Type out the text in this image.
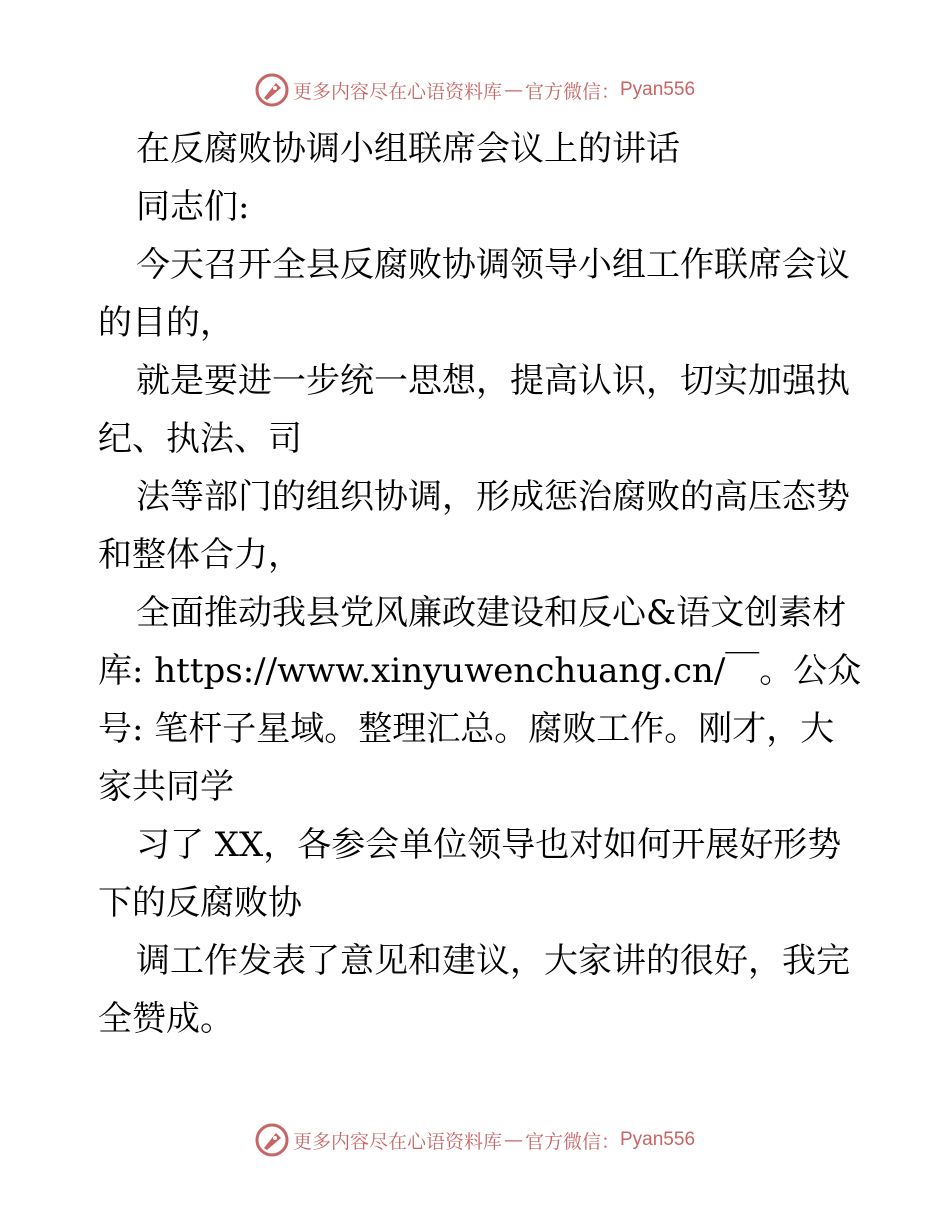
更多内容尽在心语资料库 — 官方微信： Pyan556
在反腐败协调小组联席会议上的讲话
同志们:
今天召开全县反腐败协调领导小组工作联席会议
的目的，
就是要进一步统一思想，提高认识，切实加强执
纪、执法、司
法等部门的组织协调，形成惩治腐败的高压态势
和整体合力，
全面推动我县党风廉政建设和反心&语文创素材
库: https://www.xinyuwenchuang.cn/￣。公众
号: 笔杆子星域。整理汇总。腐败工作。刚才，大
家共同学
习了 XX，各参会单位领导也对如何开展好形势
下的反腐败协
调工作发表了意见和建议，大家讲的很好，我完
全赞成。
更多内容尽在心语资料库 — 官方微信： Pyan556
